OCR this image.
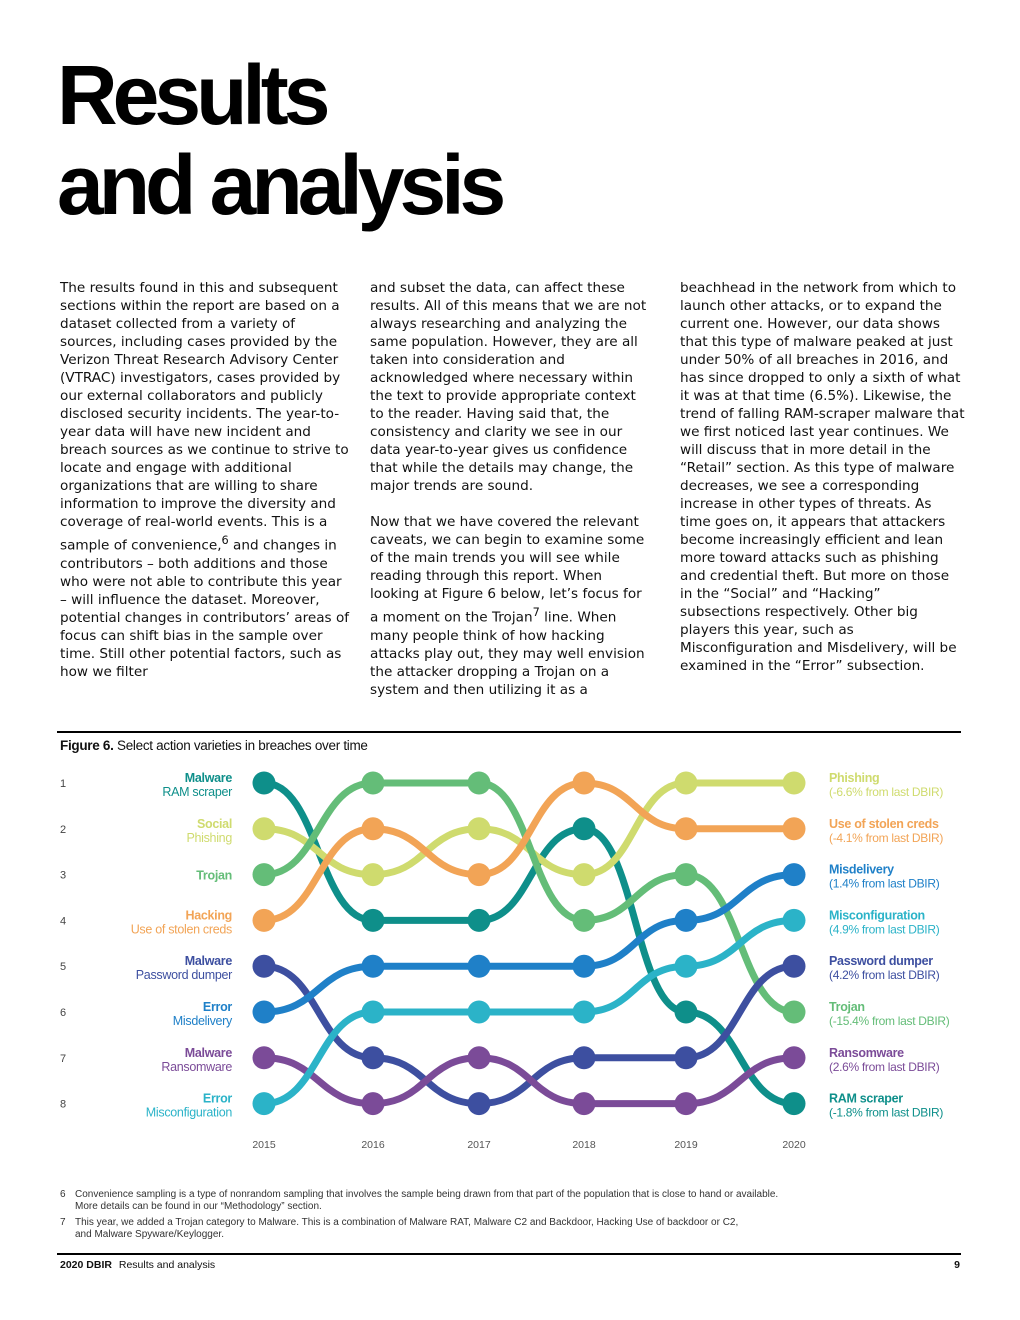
Results
and analysis

The results found in this and subsequent sections within the report are based on a dataset collected from a variety of sources, including cases provided by the Verizon Threat Research Advisory Center (VTRAC) investigators, cases provided by our external collaborators and publicly disclosed security incidents. The year-to-year data will have new incident and breach sources as we continue to strive to locate and engage with additional organizations that are willing to share information to improve the diversity and coverage of real-world events. This is a sample of convenience,$^6$ and changes in contributors – both additions and those who were not able to contribute this year – will influence the dataset. Moreover, potential changes in contributors’ areas of focus can shift bias in the sample over time. Still other potential factors, such as how we filter

and subset the data, can affect these results. All of this means that we are not always researching and analyzing the same population. However, they are all taken into consideration and acknowledged where necessary within the text to provide appropriate context to the reader. Having said that, the consistency and clarity we see in our data year-to-year gives us confidence that while the details may change, the major trends are sound.

Now that we have covered the relevant caveats, we can begin to examine some of the main trends you will see while reading through this report. When looking at Figure 6 below, let’s focus for a moment on the Trojan$^7$ line. When many people think of how hacking attacks play out, they may well envision the attacker dropping a Trojan on a system and then utilizing it as a

beachhead in the network from which to launch other attacks, or to expand the current one. However, our data shows that this type of malware peaked at just under 50% of all breaches in 2016, and has since dropped to only a sixth of what it was at that time (6.5%). Likewise, the trend of falling RAM-scraper malware that we first noticed last year continues. We will discuss that in more detail in the “Retail” section. As this type of malware decreases, we see a corresponding increase in other types of threats. As time goes on, it appears that attackers become increasingly efficient and lean more toward attacks such as phishing and credential theft. But more on those in the “Social” and “Hacking” subsections respectively. Other big players this year, such as Misconfiguration and Misdelivery, will be examined in the “Error” subsection.

Figure 6. Select action varieties in breaches over time
1
2
3
4
5
6
7
8
Malware
RAM scraper
Social
Phishing
Trojan
Hacking
Use of stolen creds
Malware
Password dumper
Error
Misdelivery
Malware
Ransomware
Error
Misconfiguration
Phishing
(-6.6% from last DBIR)
Use of stolen creds
(-4.1% from last DBIR)
Misdelivery
(1.4% from last DBIR)
Misconfiguration
(4.9% from last DBIR)
Password dumper
(4.2% from last DBIR)
Trojan
(-15.4% from last DBIR)
Ransomware
(2.6% from last DBIR)
RAM scraper
(-1.8% from last DBIR)
2015	2016	2017	2018	2019	2020
6 Convenience sampling is a type of nonrandom sampling that involves the sample being drawn from that part of the population that is close to hand or available.
More details can be found in our “Methodology” section.
7 This year, we added a Trojan category to Malware. This is a combination of Malware RAT, Malware C2 and Backdoor, Hacking Use of backdoor or C2,
and Malware Spyware/Keylogger.
2020 DBIR Results and analysis	9
